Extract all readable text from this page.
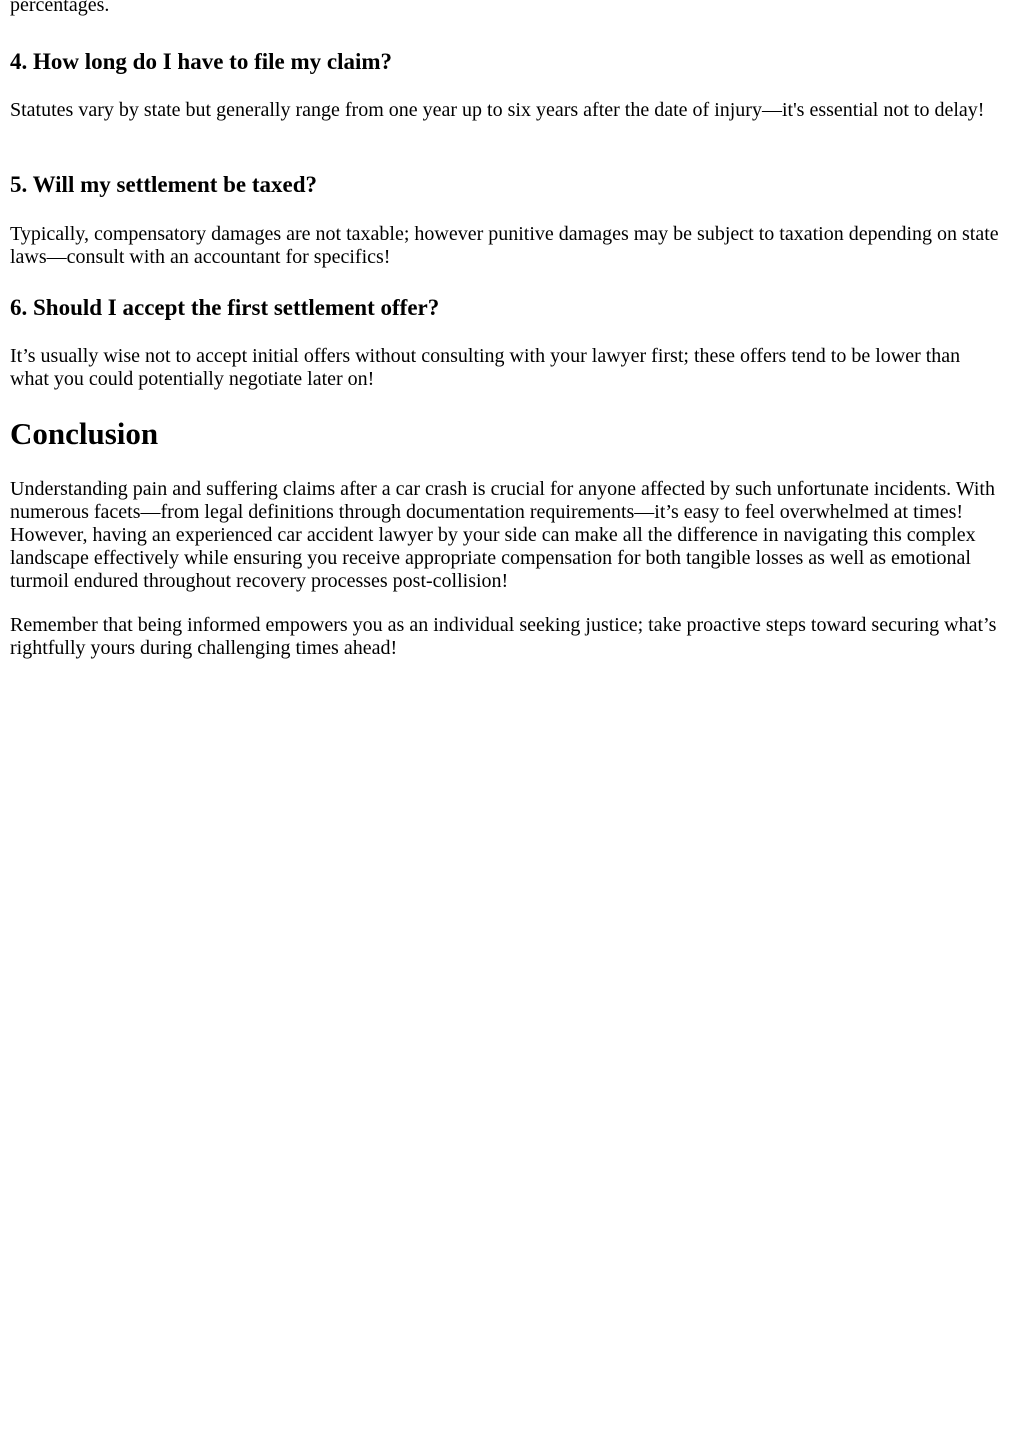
percentages.

4. How long do I have to file my claim?

Statutes vary by state but generally range from one year up to six years after the date of injury—it's essential not to delay!

5. Will my settlement be taxed?

Typically, compensatory damages are not taxable; however punitive damages may be subject to taxation depending on state laws—consult with an accountant for specifics!

6. Should I accept the first settlement offer?

It’s usually wise not to accept initial offers without consulting with your lawyer first; these offers tend to be lower than what you could potentially negotiate later on!

Conclusion

Understanding pain and suffering claims after a car crash is crucial for anyone affected by such unfortunate incidents. With numerous facets—from legal definitions through documentation requirements—it’s easy to feel overwhelmed at times! However, having an experienced car accident lawyer by your side can make all the difference in navigating this complex landscape effectively while ensuring you receive appropriate compensation for both tangible losses as well as emotional turmoil endured throughout recovery processes post-collision!

Remember that being informed empowers you as an individual seeking justice; take proactive steps toward securing what’s rightfully yours during challenging times ahead!
